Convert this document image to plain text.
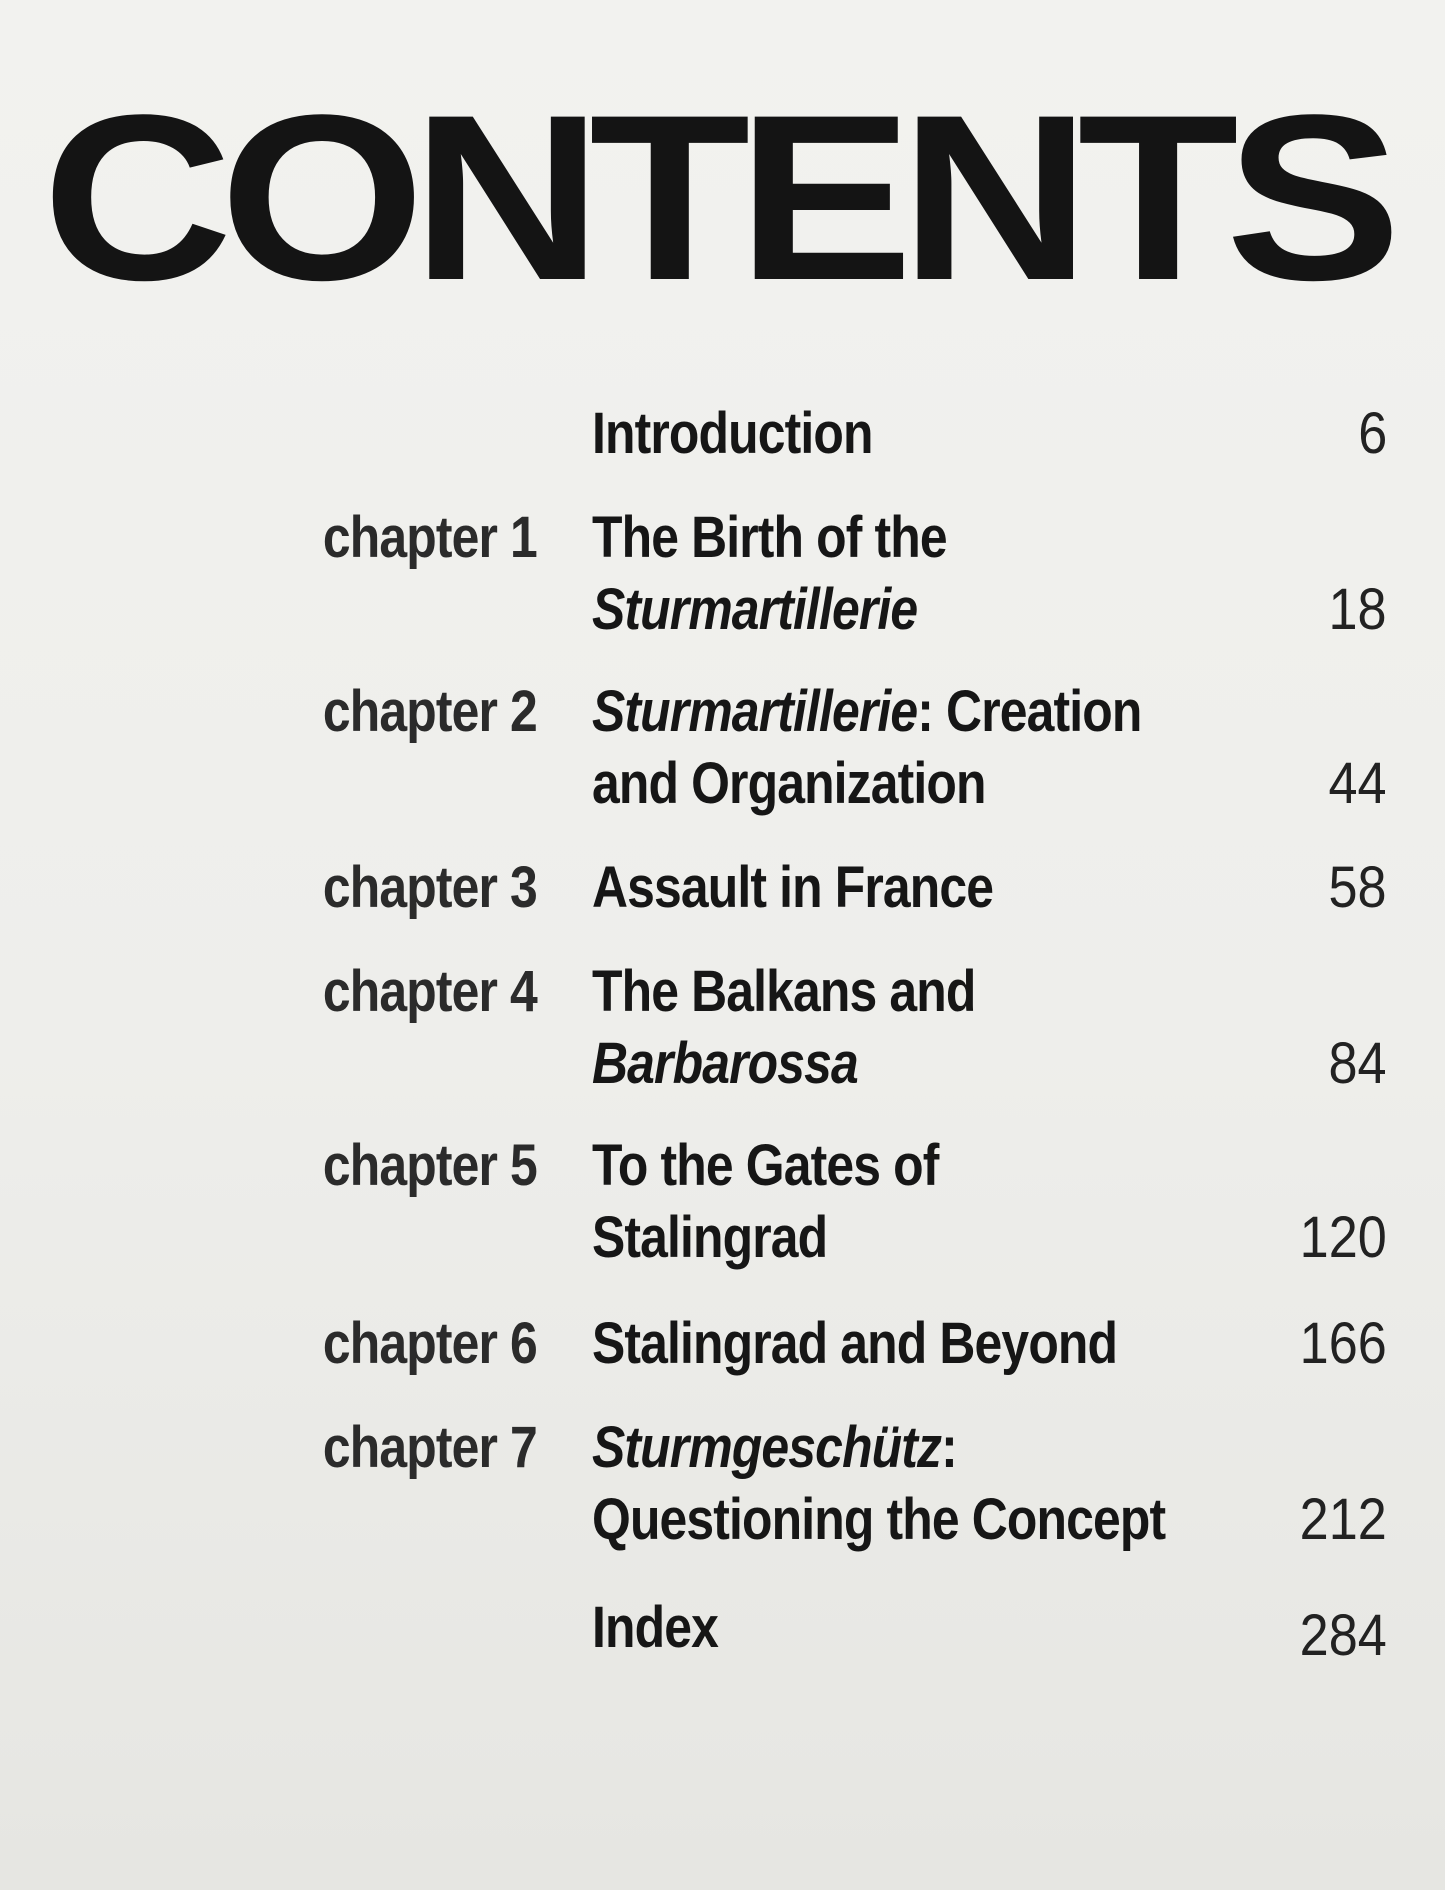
CONTENTS
Introduction	6
chapter 1 The Birth of the
Sturmartillerie	18
chapter 2 Sturmartillerie: Creation
and Organization	44
chapter 3 Assault in France	58
chapter 4 The Balkans and
Barbarossa	84
chapter 5 To the Gates of
Stalingrad	120
chapter 6 Stalingrad and Beyond	166
chapter 7 Sturmgeschütz:
Questioning the Concept 212
Index	284
